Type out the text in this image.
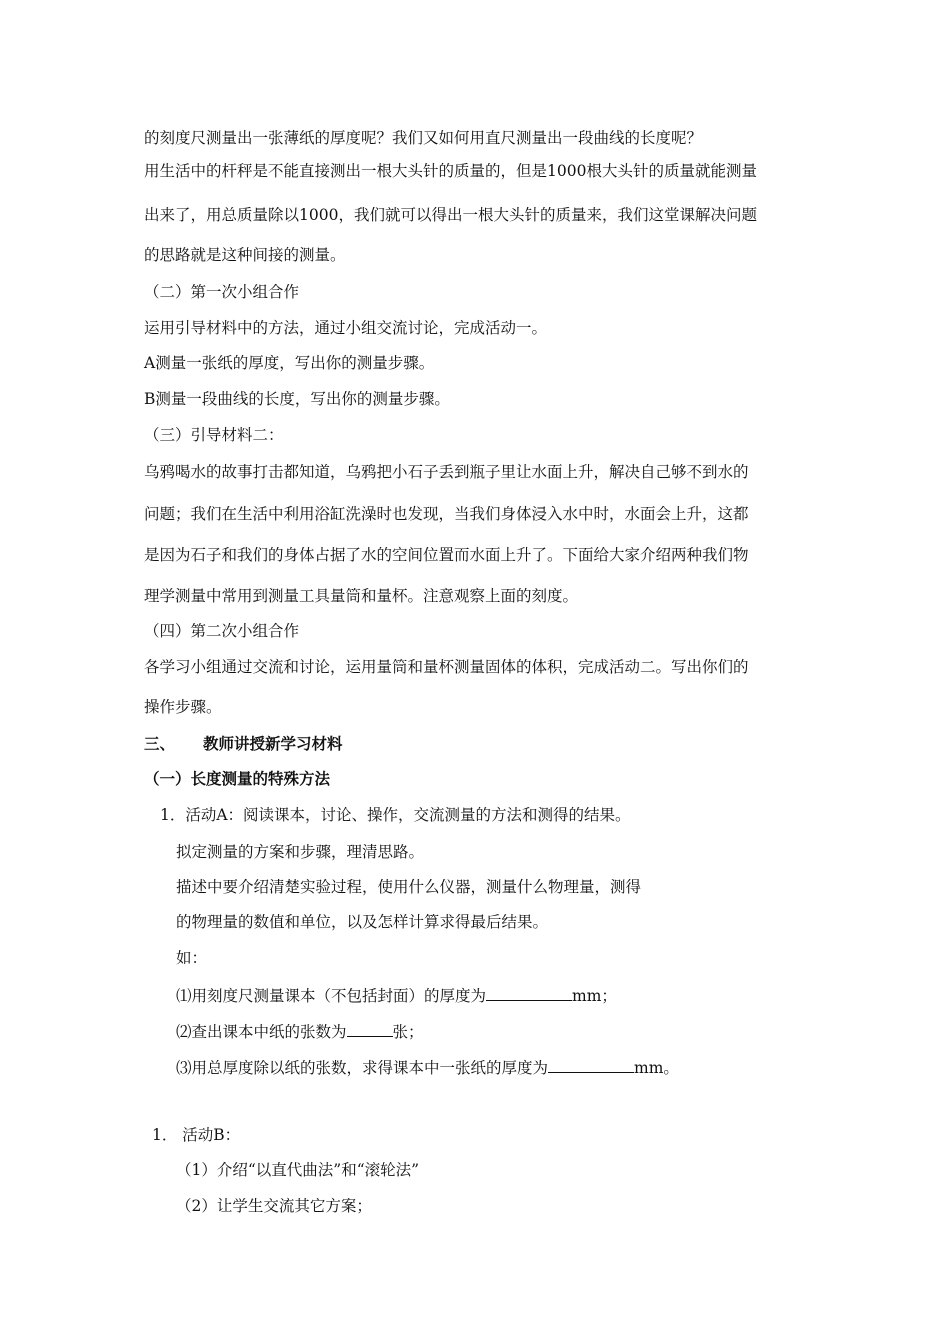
的刻度尺测量出一张薄纸的厚度呢？我们又如何用直尺测量出一段曲线的长度呢？
用生活中的杆秤是不能直接测出一根大头针的质量的，但是1000根大头针的质量就能测量
出来了，用总质量除以1000，我们就可以得出一根大头针的质量来，我们这堂课解决问题
的思路就是这种间接的测量。
（二）第一次小组合作
运用引导材料中的方法，通过小组交流讨论，完成活动一。
A测量一张纸的厚度，写出你的测量步骤。
B测量一段曲线的长度，写出你的测量步骤。
（三）引导材料二：
乌鸦喝水的故事打击都知道，乌鸦把小石子丢到瓶子里让水面上升，解决自己够不到水的
问题；我们在生活中利用浴缸洗澡时也发现，当我们身体浸入水中时，水面会上升，这都
是因为石子和我们的身体占据了水的空间位置而水面上升了。下面给大家介绍两种我们物
理学测量中常用到测量工具量筒和量杯。注意观察上面的刻度。
（四）第二次小组合作
各学习小组通过交流和讨论，运用量筒和量杯测量固体的体积，完成活动二。写出你们的
操作步骤。
三、 教师讲授新学习材料
（一）长度测量的特殊方法
1．活动A：阅读课本，讨论、操作，交流测量的方法和测得的结果。
拟定测量的方案和步骤，理清思路。
描述中要介绍清楚实验过程，使用什么仪器，测量什么物理量，测得
的物理量的数值和单位，以及怎样计算求得最后结果。
如：
⑴用刻度尺测量课本（不包括封面）的厚度为	mm；
⑵查出课本中纸的张数为	张；
⑶用总厚度除以纸的张数，求得课本中一张纸的厚度为	mm。
1． 活动B：
（1）介绍“以直代曲法”和“滚轮法”
（2）让学生交流其它方案；
